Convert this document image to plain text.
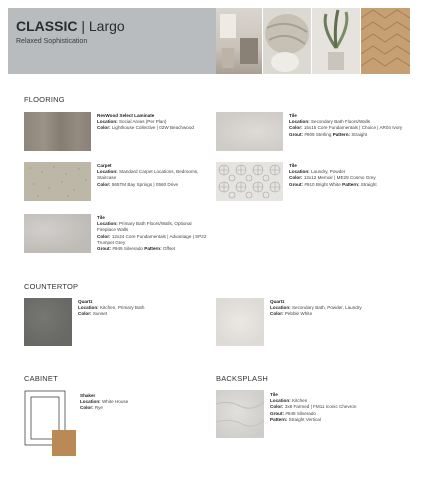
CLASSIC | Largo
Relaxed Sophistication
FLOORING
RevWood Select Laminate
Location: Social Areas (Per Plan)
Color: Lighthouse Collective | 02W Beachwood
Carpet
Location: Standard Carpet Locations, Bedrooms, Staircase
Color: 565TM Bay Springs | 0560 Drive
Tile
Location: Primary Bath Floors/Walls, Optional Fireplace Walls
Color: 12x24 Core Fundamentals | Advantage | SP22 Trumpet Grey
Grout: #949 Silverado Pattern: Offset
Tile
Location: Secondary Bath Floors/Walls
Color: 15x15 Core Fundamentals | Choice | AR04 Ivory
Grout: #909 Sterling Pattern: Straight
Tile
Location: Laundry, Powder
Color: 12x12 Memoir | ME28 Cosmo Grey
Grout: #910 Bright White Pattern: Straight
COUNTERTOP
Quartz
Location: Kitchen, Primary Bath
Color: Sunset
Quartz
Location: Secondary Bath, Powder, Laundry
Color: Pebble White
CABINET
Shaker
Location: White House
Color: Rye
BACKSPLASH
Tile
Location: Kitchen
Color: 3x8 Farmed | FM11 Iconic Chevron
Grout: #948 Silverado
Pattern: Straight Vertical
